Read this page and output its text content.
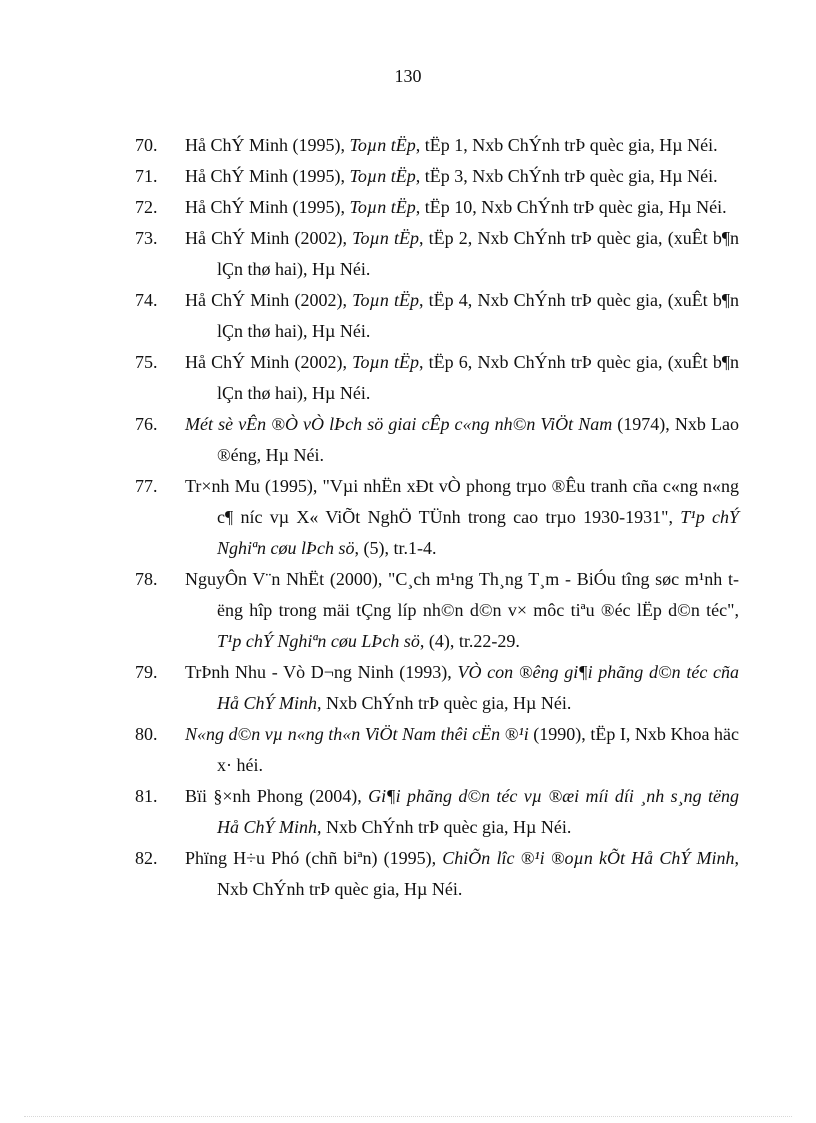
130
70.	Hå ChÝ Minh (1995), Toµn tËp, tËp 1, Nxb ChÝnh trÞ quèc gia, Hµ Néi.
71.	Hå ChÝ Minh (1995), Toµn tËp, tËp 3, Nxb ChÝnh trÞ quèc gia, Hµ Néi.
72.	Hå ChÝ Minh (1995), Toµn tËp, tËp 10, Nxb ChÝnh trÞ quèc gia, Hµ Néi.
73.	Hå ChÝ Minh (2002), Toµn tËp, tËp 2, Nxb ChÝnh trÞ quèc gia, (xuÊt b¶n lÇn thø hai), Hµ Néi.
74.	Hå ChÝ Minh (2002), Toµn tËp, tËp 4, Nxb ChÝnh trÞ quèc gia, (xuÊt b¶n lÇn thø hai), Hµ Néi.
75.	Hå ChÝ Minh (2002), Toµn tËp, tËp 6, Nxb ChÝnh trÞ quèc gia, (xuÊt b¶n lÇn thø hai), Hµ Néi.
76.	Mét sè vÊn ®Ò vÒ lÞch sö giai cÊp c«ng nh©n ViÖt Nam (1974), Nxb Lao ®éng, Hµ Néi.
77.	Tr×nh Mu (1995), "Vµi nhËn xÐt vÒ phong trµo ®Êu tranh cña c«ng n«ng c¶ níc vµ X« ViÕt NghÖ TÜnh trong cao trµo 1930-1931", T¹p chÝ Nghiªn cøu lÞch sö, (5), tr.1-4.
78.	NguyÔn V¨n NhËt (2000), "C¸ch m¹ng Th¸ng T¸m - BiÓu tîng søc m¹nh tëng hîp trong mäi tÇng líp nh©n d©n v× môc tiªu ®éc lËp d©n téc", T¹p chÝ Nghiªn cøu LÞch sö, (4), tr.22-29.
79.	TrÞnh Nhu - Vò D¬ng Ninh (1993), VÒ con ®êng gi¶i phãng d©n téc cña Hå ChÝ Minh, Nxb ChÝnh trÞ quèc gia, Hµ Néi.
80.	N«ng d©n vµ n«ng th«n ViÖt Nam thêi cËn ®¹i (1990), tËp I, Nxb Khoa häc x· héi.
81.	Bïi §×nh Phong (2004), Gi¶i phãng d©n téc vµ ®æi míi díi ¸nh s¸ng tëng Hå ChÝ Minh, Nxb ChÝnh trÞ quèc gia, Hµ Néi.
82.	Phïng H÷u Phó (chñ biªn) (1995), ChiÕn lîc ®¹i ®oµn kÕt Hå ChÝ Minh, Nxb ChÝnh trÞ quèc gia, Hµ Néi.
